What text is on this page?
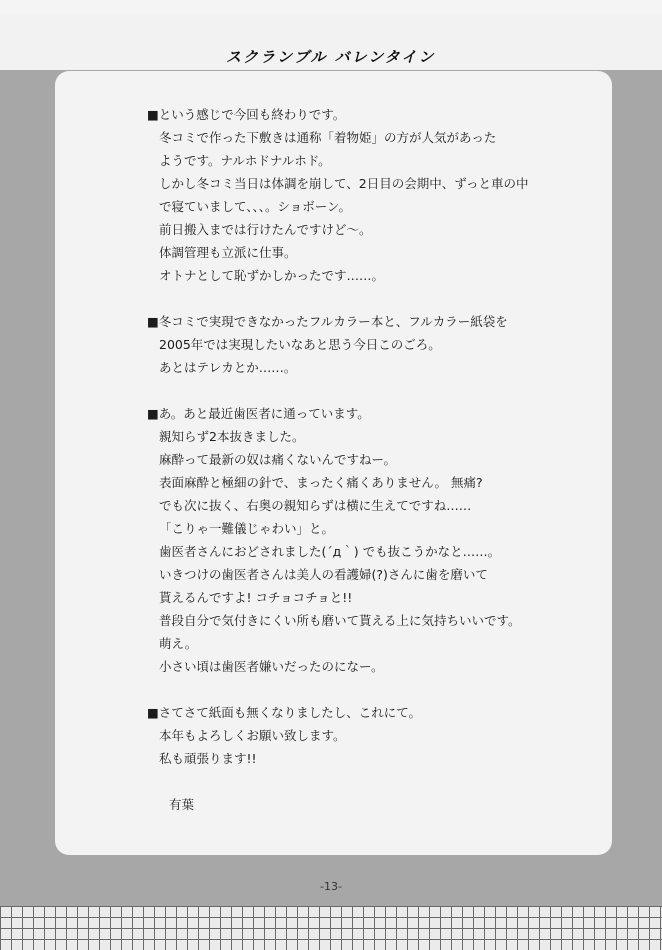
スクランブル バレンタイン
■という感じで今回も終わりです。
冬コミで作った下敷きは通称「着物姫」の方が人気があった
ようです。ナルホドナルホド。
しかし冬コミ当日は体調を崩して、2日目の会期中、ずっと車の中
で寝ていまして、、、。ショボーン。
前日搬入までは行けたんですけど～。
体調管理も立派に仕事。
オトナとして恥ずかしかったです……。
■冬コミで実現できなかったフルカラー本と、フルカラー紙袋を
2005年では実現したいなあと思う今日このごろ。
あとはテレカとか……。
■あ。あと最近歯医者に通っています。
親知らず2本抜きました。
麻酔って最新の奴は痛くないんですねー。
表面麻酔と極細の針で、まったく痛くありません。 無痛?
でも次に抜く、右奥の親知らずは横に生えてですね……
「こりゃ一難儀じゃわい」と。
歯医者さんにおどされました(´д｀) でも抜こうかなと……。
いきつけの歯医者さんは美人の看護婦(?)さんに歯を磨いて
貰えるんですよ! コチョコチョと!!
普段自分で気付きにくい所も磨いて貰える上に気持ちいいです。
萌え。
小さい頃は歯医者嫌いだったのになー。
■さてさて紙面も無くなりましたし、これにて。
本年もよろしくお願い致します。
私も頑張ります!!
有葉
-13-
